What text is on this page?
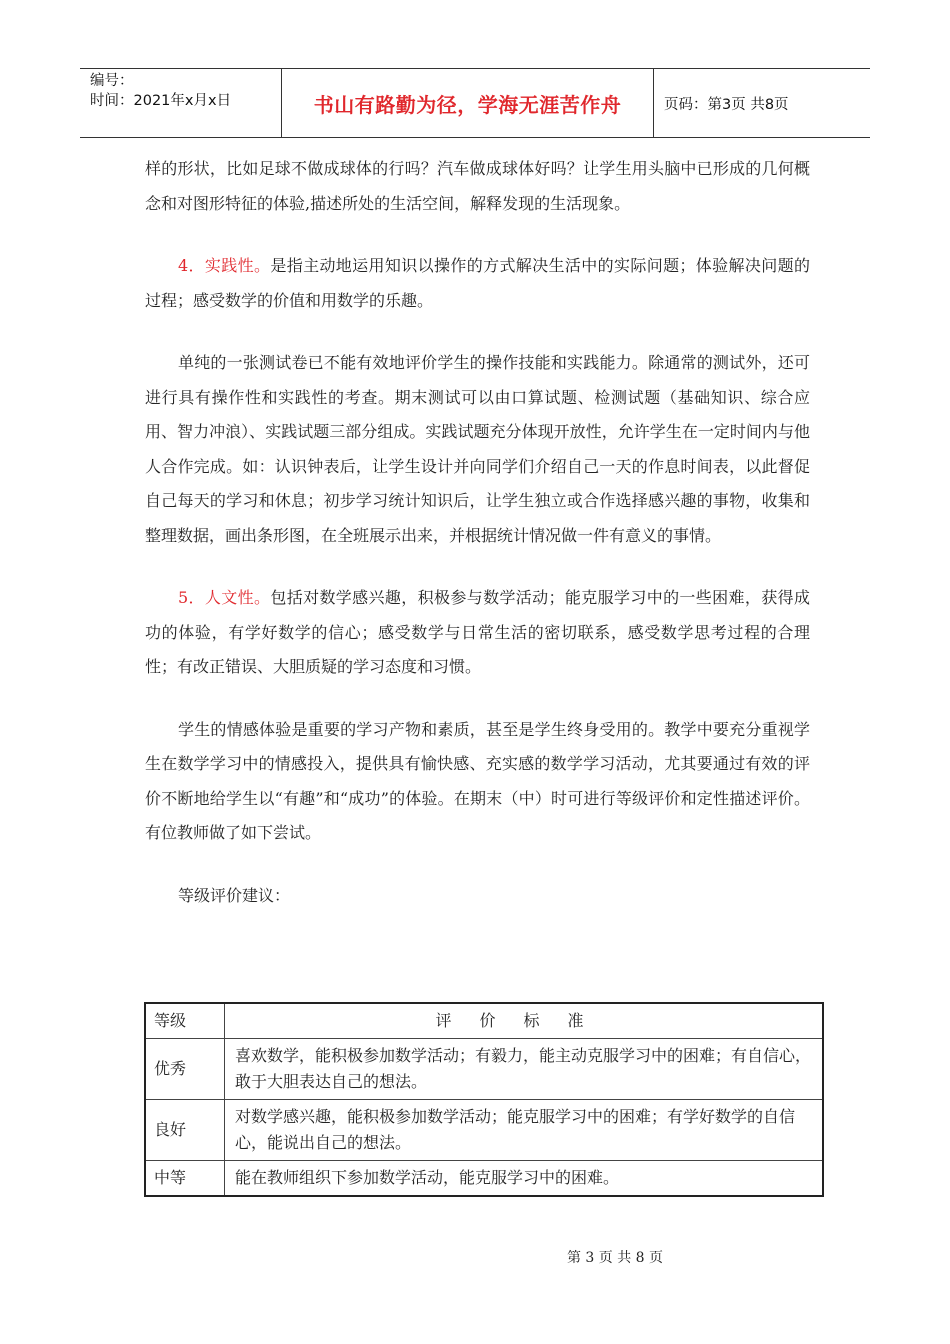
编号：
时间：2021年x月x日	书山有路勤为径，学海无涯苦作舟	页码：第3页 共8页

样的形状，比如足球不做成球体的行吗？汽车做成球体好吗？让学生用头脑中已形成的几何概念和对图形特征的体验,描述所处的生活空间，解释发现的生活现象。

4．实践性。是指主动地运用知识以操作的方式解决生活中的实际问题；体验解决问题的过程；感受数学的价值和用数学的乐趣。

单纯的一张测试卷已不能有效地评价学生的操作技能和实践能力。除通常的测试外，还可进行具有操作性和实践性的考查。期末测试可以由口算试题、检测试题（基础知识、综合应用、智力冲浪）、实践试题三部分组成。实践试题充分体现开放性，允许学生在一定时间内与他人合作完成。如：认识钟表后，让学生设计并向同学们介绍自己一天的作息时间表，以此督促自己每天的学习和休息；初步学习统计知识后，让学生独立或合作选择感兴趣的事物，收集和整理数据，画出条形图，在全班展示出来，并根据统计情况做一件有意义的事情。

5．人文性。包括对数学感兴趣，积极参与数学活动；能克服学习中的一些困难，获得成功的体验，有学好数学的信心；感受数学与日常生活的密切联系，感受数学思考过程的合理性；有改正错误、大胆质疑的学习态度和习惯。

学生的情感体验是重要的学习产物和素质，甚至是学生终身受用的。教学中要充分重视学生在数学学习中的情感投入，提供具有愉快感、充实感的数学学习活动，尤其要通过有效的评价不断地给学生以“有趣”和“成功”的体验。在期末（中）时可进行等级评价和定性描述评价。有位教师做了如下尝试。

等级评价建议：

等级	评价标准
优秀	喜欢数学，能积极参加数学活动；有毅力，能主动克服学习中的困难；有自信心，敢于大胆表达自己的想法。
良好	对数学感兴趣，能积极参加数学活动；能克服学习中的困难；有学好数学的自信心，能说出自己的想法。
中等	能在教师组织下参加数学活动，能克服学习中的困难。
第 3 页 共 8 页
